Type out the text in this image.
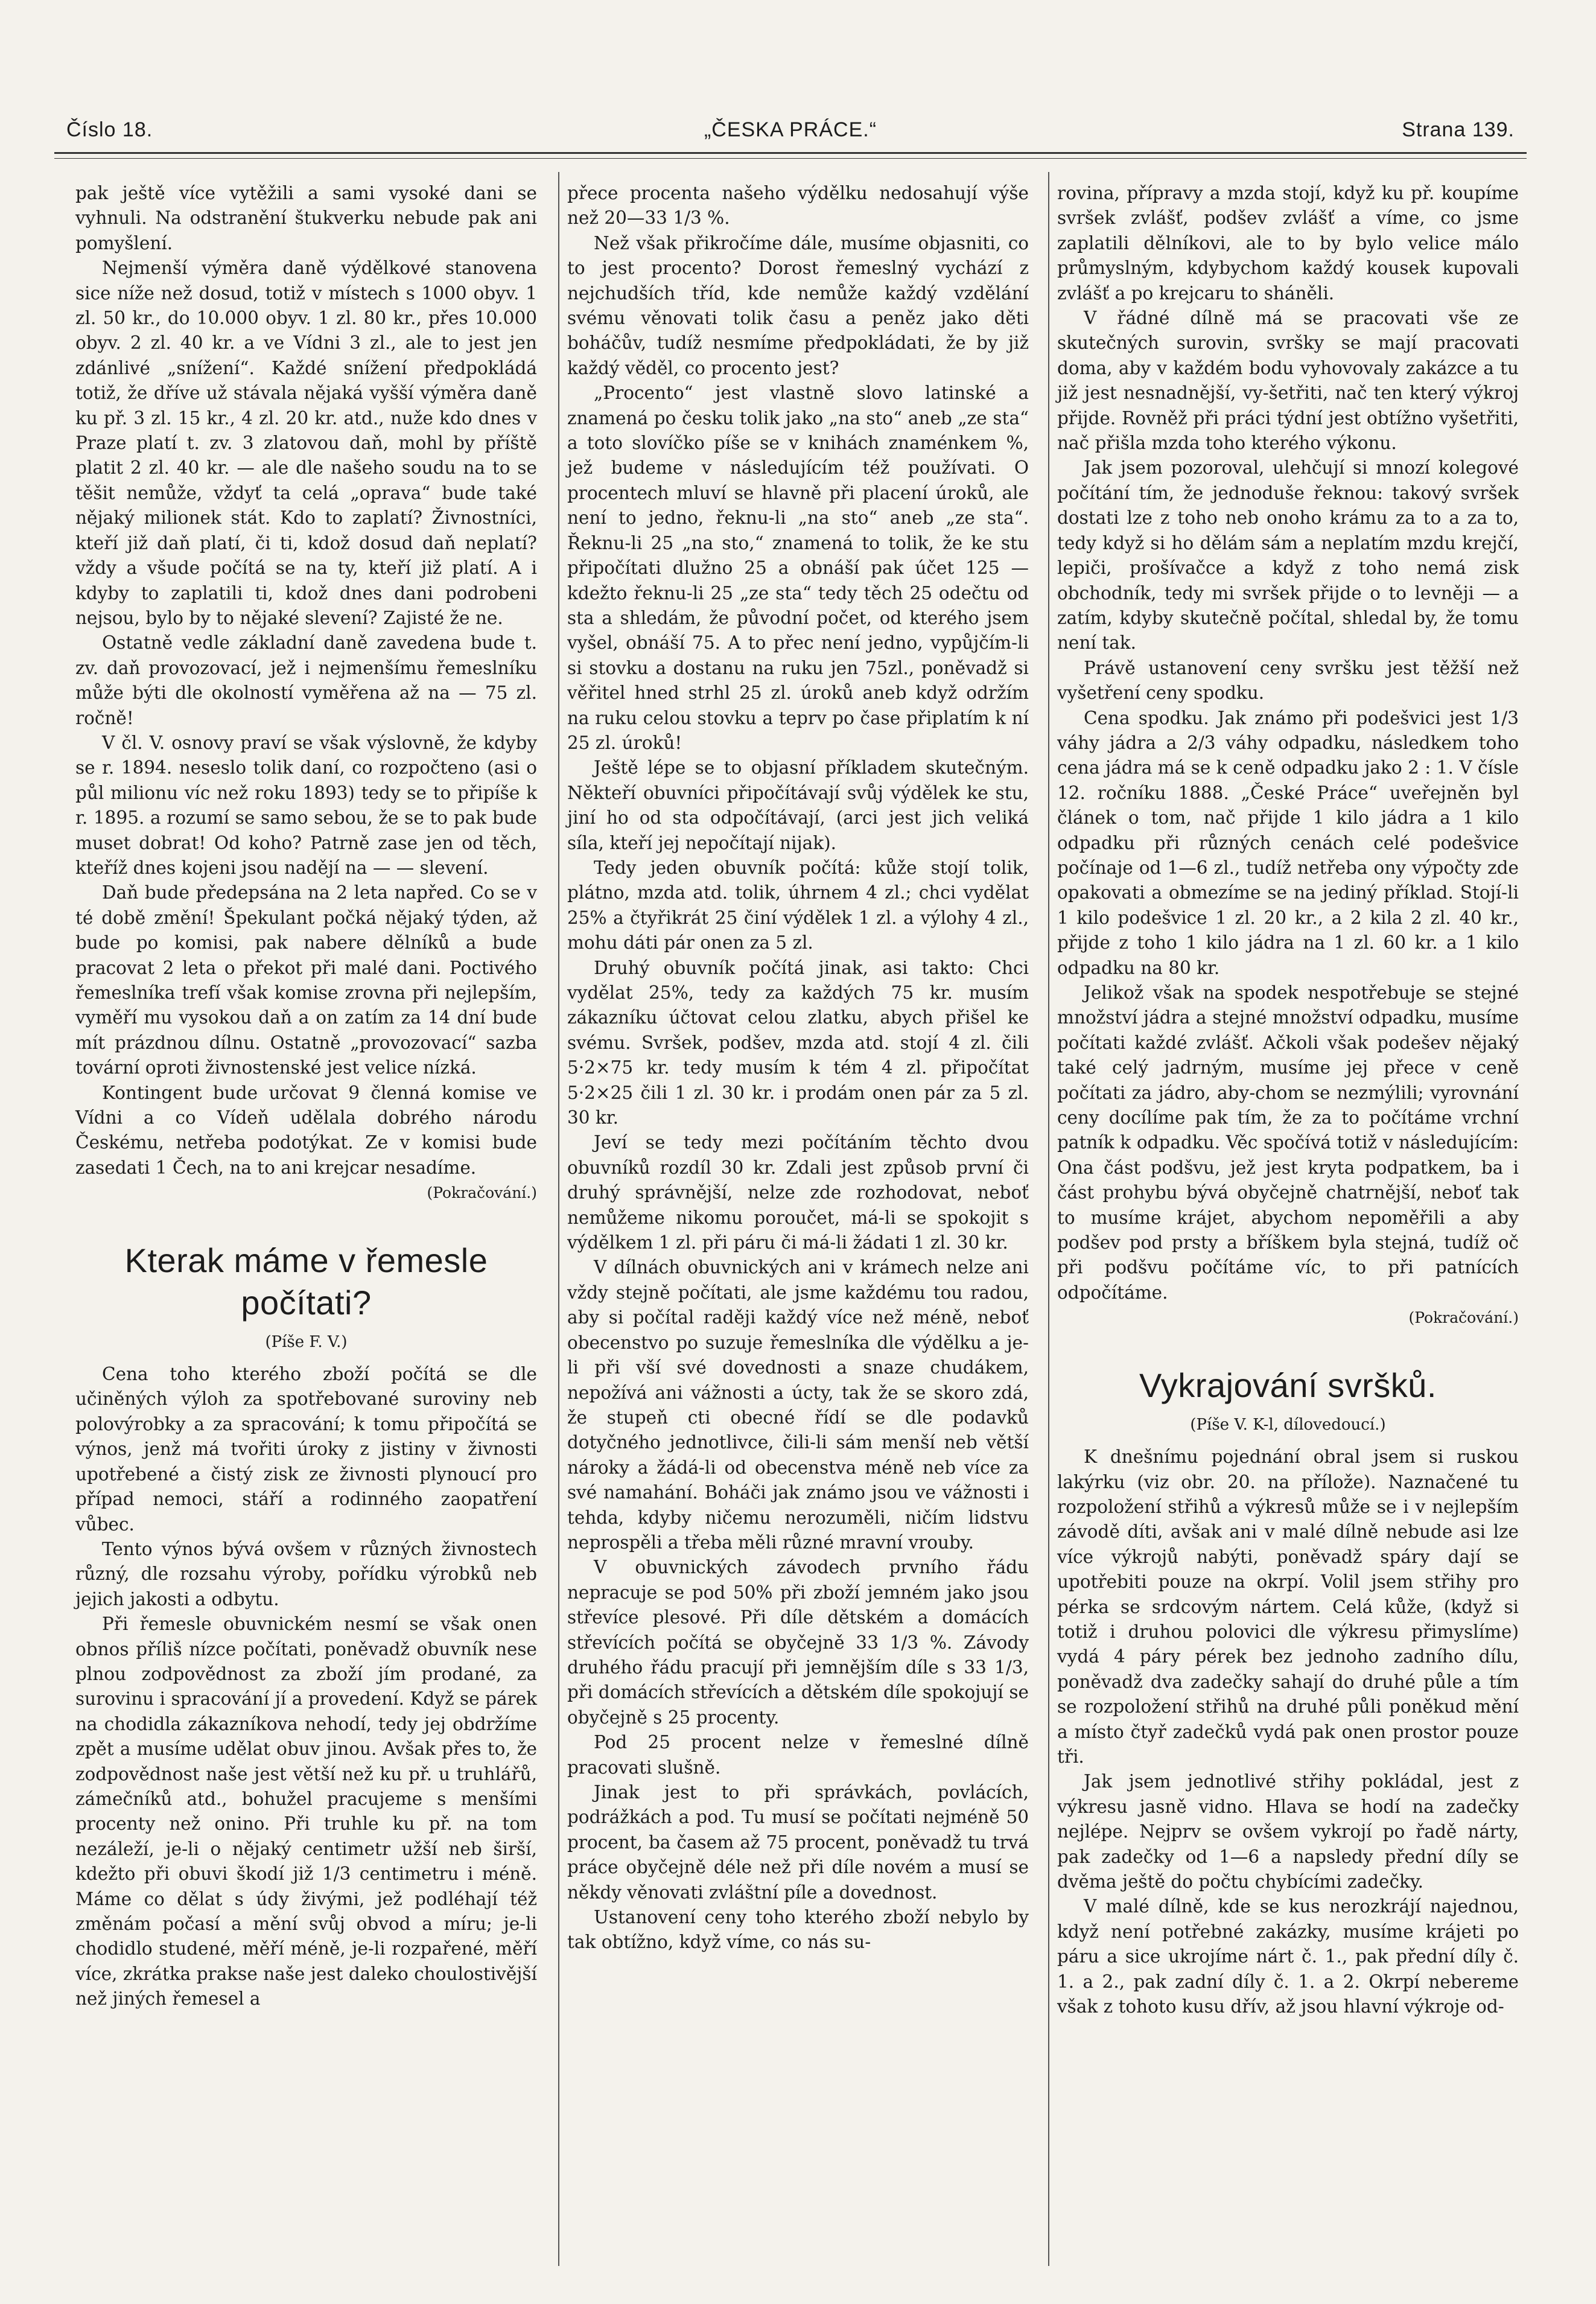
Číslo 18.	„ČESKA PRÁCE.“	Strana 139.

pak ještě více vytěžili a sami vysoké dani se vyhnuli. Na odstranění štukverku nebude pak ani pomyšlení.

Nejmenší výměra daně výdělkové stanovena sice níže než dosud, totiž v místech s 1000 obyv. 1 zl. 50 kr., do 10.000 obyv. 1 zl. 80 kr., přes 10.000 obyv. 2 zl. 40 kr. a ve Vídni 3 zl., ale to jest jen zdánlivé „snížení“. Každé snížení předpokládá totiž, že dříve už stávala nějaká vyšší výměra daně ku př. 3 zl. 15 kr., 4 zl. 20 kr. atd., nuže kdo dnes v Praze platí t. zv. 3 zlatovou daň, mohl by příště platit 2 zl. 40 kr. — ale dle našeho soudu na to se těšit nemůže, vždyť ta celá „oprava“ bude také nějaký milionek stát. Kdo to zaplatí? Živnostníci, kteří již daň platí, či ti, kdož dosud daň neplatí? vždy a všude počítá se na ty, kteří již platí. A i kdyby to zaplatili ti, kdož dnes dani podrobeni nejsou, bylo by to nějaké slevení? Zajisté že ne.

Ostatně vedle základní daně zavedena bude t. zv. daň provozovací, jež i nejmenšímu řemeslníku může býti dle okolností vyměřena až na — 75 zl. ročně!

V čl. V. osnovy praví se však výslovně, že kdyby se r. 1894. neseslo tolik daní, co rozpočteno (asi o půl milionu víc než roku 1893) tedy se to připíše k r. 1895. a rozumí se samo sebou, že se to pak bude muset dobrat! Od koho? Patrně zase jen od těch, kteříž dnes kojeni jsou nadějí na — — slevení.

Daň bude předepsána na 2 leta napřed. Co se v té době změní! Špekulant počká nějaký týden, až bude po komisi, pak nabere dělníků a bude pracovat 2 leta o překot při malé dani. Poctivého řemeslníka trefí však komise zrovna při nejlepším, vyměří mu vysokou daň a on zatím za 14 dní bude mít prázdnou dílnu. Ostatně „provozovací“ sazba tovární oproti živnostenské jest velice nízká.

Kontingent bude určovat 9 členná komise ve Vídni a co Vídeň udělala dobrého národu Českému, netřeba podotýkat. Ze v komisi bude zasedati 1 Čech, na to ani krejcar nesadíme.

(Pokračování.)
Kterak máme v řemesle počítati?
(Píše F. V.)

Cena toho kterého zboží počítá se dle učiněných výloh za spotřebované suroviny neb polovýrobky a za spracování; k tomu připočítá se výnos, jenž má tvořiti úroky z jistiny v živnosti upotřebené a čistý zisk ze živnosti plynoucí pro případ nemoci, stáří a rodinného zaopatření vůbec.

Tento výnos bývá ovšem v různých živnostech různý, dle rozsahu výroby, pořídku výrobků neb jejich jakosti a odbytu.

Při řemesle obuvnickém nesmí se však onen obnos příliš nízce počítati, poněvadž obuvník nese plnou zodpovědnost za zboží jím prodané, za surovinu i spracování jí a provedení. Když se párek na chodidla zákazníkova nehodí, tedy jej obdržíme zpět a musíme udělat obuv jinou. Avšak přes to, že zodpovědnost naše jest větší než ku př. u truhlářů, zámečníků atd., bohužel pracujeme s menšími procenty než onino. Při truhle ku př. na tom nezáleží, je-li o nějaký centimetr užší neb širší, kdežto při obuvi škodí již 1/3 centimetru i méně. Máme co dělat s údy živými, jež podléhají též změnám počasí a mění svůj obvod a míru; je-li chodidlo studené, měří méně, je-li rozpařené, měří více, zkrátka prakse naše jest daleko choulostivější než jiných řemesel a

přece procenta našeho výdělku nedosahují výše než 20—33 1/3 %.

Než však přikročíme dále, musíme objasniti, co to jest procento? Dorost řemeslný vychází z nejchudších tříd, kde nemůže každý vzdělání svému věnovati tolik času a peněz jako děti boháčův, tudíž nesmíme předpokládati, že by již každý věděl, co procento jest?

„Procento“ jest vlastně slovo latinské a znamená po česku tolik jako „na sto“ aneb „ze sta“ a toto slovíčko píše se v knihách znaménkem %, jež budeme v následujícím též používati. O procentech mluví se hlavně při placení úroků, ale není to jedno, řeknu-li „na sto“ aneb „ze sta“. Řeknu-li 25 „na sto,“ znamená to tolik, že ke stu připočítati dlužno 25 a obnáší pak účet 125 — kdežto řeknu-li 25 „ze sta“ tedy těch 25 odečtu od sta a shledám, že původní počet, od kterého jsem vyšel, obnáší 75. A to přec není jedno, vypůjčím-li si stovku a dostanu na ruku jen 75zl., poněvadž si věřitel hned strhl 25 zl. úroků aneb když održím na ruku celou stovku a teprv po čase připlatím k ní 25 zl. úroků!

Ještě lépe se to objasní příkladem skutečným. Někteří obuvníci připočítávají svůj výdělek ke stu, jiní ho od sta odpočítávají, (arci jest jich veliká síla, kteří jej nepočítají nijak).

Tedy jeden obuvník počítá: kůže stojí tolik, plátno, mzda atd. tolik, úhrnem 4 zl.; chci vydělat 25% a čtyřikrát 25 činí výdělek 1 zl. a výlohy 4 zl., mohu dáti pár onen za 5 zl.

Druhý obuvník počítá jinak, asi takto: Chci vydělat 25%, tedy za každých 75 kr. musím zákazníku účtovat celou zlatku, abych přišel ke svému. Svršek, podšev, mzda atd. stojí 4 zl. čili 5·2×75 kr. tedy musím k tém 4 zl. připočítat 5·2×25 čili 1 zl. 30 kr. i prodám onen pár za 5 zl. 30 kr.

Jeví se tedy mezi počítáním těchto dvou obuvníků rozdíl 30 kr. Zdali jest způsob první či druhý správnější, nelze zde rozhodovat, neboť nemůžeme nikomu poroučet, má-li se spokojit s výdělkem 1 zl. při páru či má-li žádati 1 zl. 30 kr.

V dílnách obuvnických ani v krámech nelze ani vždy stejně počítati, ale jsme každému tou radou, aby si počítal raději každý více než méně, neboť obecenstvo po suzuje řemeslníka dle výdělku a je-li při vší své dovednosti a snaze chudákem, nepožívá ani vážnosti a úcty, tak že se skoro zdá, že stupeň cti obecné řídí se dle podavků dotyčného jednotlivce, čili-li sám menší neb větší nároky a žádá-li od obecenstva méně neb více za své namahání. Boháči jak známo jsou ve vážnosti i tehda, kdyby ničemu nerozuměli, ničím lidstvu neprospěli a třeba měli různé mravní vrouby.

V obuvnických závodech prvního řádu nepracuje se pod 50% při zboží jemném jako jsou střevíce plesové. Při díle dětském a domácích střevících počítá se obyčejně 33 1/3 %. Závody druhého řádu pracují při jemnějším díle s 33 1/3, při domácích střevících a dětském díle spokojují se obyčejně s 25 procenty.

Pod 25 procent nelze v řemeslné dílně pracovati slušně.

Jinak jest to při správkách, povlácích, podrážkách a pod. Tu musí se počítati nejméně 50 procent, ba časem až 75 procent, poněvadž tu trvá práce obyčejně déle než při díle novém a musí se někdy věnovati zvláštní píle a dovednost.

Ustanovení ceny toho kterého zboží nebylo by tak obtížno, když víme, co nás su-

rovina, přípravy a mzda stojí, když ku př. koupíme svršek zvlášť, podšev zvlášť a víme, co jsme zaplatili dělníkovi, ale to by bylo velice málo průmyslným, kdybychom každý kousek kupovali zvlášť a po krejcaru to sháněli.

V řádné dílně má se pracovati vše ze skutečných surovin, svršky se mají pracovati doma, aby v každém bodu vyhovovaly zakázce a tu již jest nesnadnější, vy-šetřiti, nač ten který výkroj přijde. Rovněž při práci týdní jest obtížno vyšetřiti, nač přišla mzda toho kterého výkonu.

Jak jsem pozoroval, ulehčují si mnozí kolegové počítání tím, že jednoduše řeknou: takový svršek dostati lze z toho neb onoho krámu za to a za to, tedy když si ho dělám sám a neplatím mzdu krejčí, lepiči, prošívačce a když z toho nemá zisk obchodník, tedy mi svršek přijde o to levněji — a zatím, kdyby skutečně počítal, shledal by, že tomu není tak.

Právě ustanovení ceny svršku jest těžší než vyšetření ceny spodku.

Cena spodku. Jak známo při podešvici jest 1/3 váhy jádra a 2/3 váhy odpadku, následkem toho cena jádra má se k ceně odpadku jako 2 : 1. V čísle 12. ročníku 1888. „České Práce“ uveřejněn byl článek o tom, nač přijde 1 kilo jádra a 1 kilo odpadku při různých cenách celé podešvice počínaje od 1—6 zl., tudíž netřeba ony výpočty zde opakovati a obmezíme se na jediný příklad. Stojí-li 1 kilo podešvice 1 zl. 20 kr., a 2 kila 2 zl. 40 kr., přijde z toho 1 kilo jádra na 1 zl. 60 kr. a 1 kilo odpadku na 80 kr.

Jelikož však na spodek nespotřebuje se stejné množství jádra a stejné množství odpadku, musíme počítati každé zvlášť. Ačkoli však podešev nějaký také celý jadrným, musíme jej přece v ceně počítati za jádro, aby-chom se nezmýlili; vyrovnání ceny docílíme pak tím, že za to počítáme vrchní patník k odpadku. Věc spočívá totiž v následujícím: Ona část podšvu, jež jest kryta podpatkem, ba i část prohybu bývá obyčejně chatrnější, neboť tak to musíme krájet, abychom nepoměřili a aby podšev pod prsty a bříškem byla stejná, tudíž oč při podšvu počítáme víc, to při patnících odpočítáme.

(Pokračování.)
Vykrajování svršků.
(Píše V. K-l, dílovedoucí.)

K dnešnímu pojednání obral jsem si ruskou lakýrku (viz obr. 20. na přílože). Naznačené tu rozpoložení střihů a výkresů může se i v nejlepším závodě díti, avšak ani v malé dílně nebude asi lze více výkrojů nabýti, poněvadž spáry dají se upotřebiti pouze na okrpí. Volil jsem střihy pro pérka se srdcovým nártem. Celá kůže, (když si totiž i druhou polovici dle výkresu přimyslíme) vydá 4 páry pérek bez jednoho zadního dílu, poněvadž dva zadečky sahají do druhé půle a tím se rozpoložení střihů na druhé půli poněkud mění a místo čtyř zadečků vydá pak onen prostor pouze tři.

Jak jsem jednotlivé střihy pokládal, jest z výkresu jasně vidno. Hlava se hodí na zadečky nejlépe. Nejprv se ovšem vykrojí po řadě nárty, pak zadečky od 1—6 a napsledy přední díly se dvěma ještě do počtu chybícími zadečky.

V malé dílně, kde se kus nerozkrájí najednou, když není potřebné zakázky, musíme krájeti po páru a sice ukrojíme nárt č. 1., pak přední díly č. 1. a 2., pak zadní díly č. 1. a 2. Okrpí nebereme však z tohoto kusu dřív, až jsou hlavní výkroje od-
